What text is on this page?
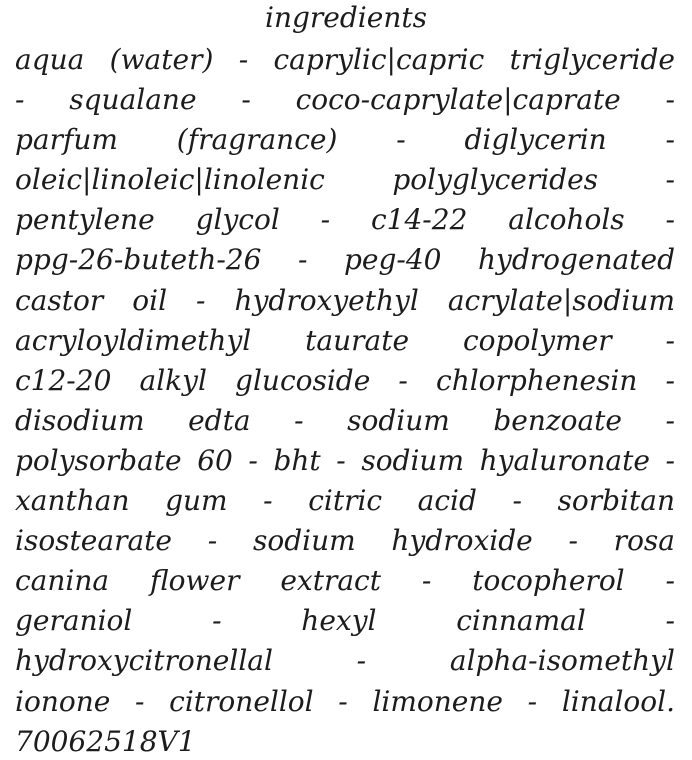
ingredients
aqua (water) - caprylic|capric triglyceride
- squalane - coco-caprylate|caprate -
parfum (fragrance) - diglycerin -
oleic|linoleic|linolenic polyglycerides -
pentylene glycol - c14-22 alcohols -
ppg-26-buteth-26 - peg-40 hydrogenated
castor oil - hydroxyethyl acrylate|sodium
acryloyldimethyl taurate copolymer -
c12-20 alkyl glucoside - chlorphenesin -
disodium edta - sodium benzoate -
polysorbate 60 - bht - sodium hyaluronate -
xanthan gum - citric acid - sorbitan
isostearate - sodium hydroxide - rosa
canina flower extract - tocopherol -
geraniol - hexyl cinnamal -
hydroxycitronellal - alpha-isomethyl
ionone - citronellol - limonene - linalool.
70062518V1
